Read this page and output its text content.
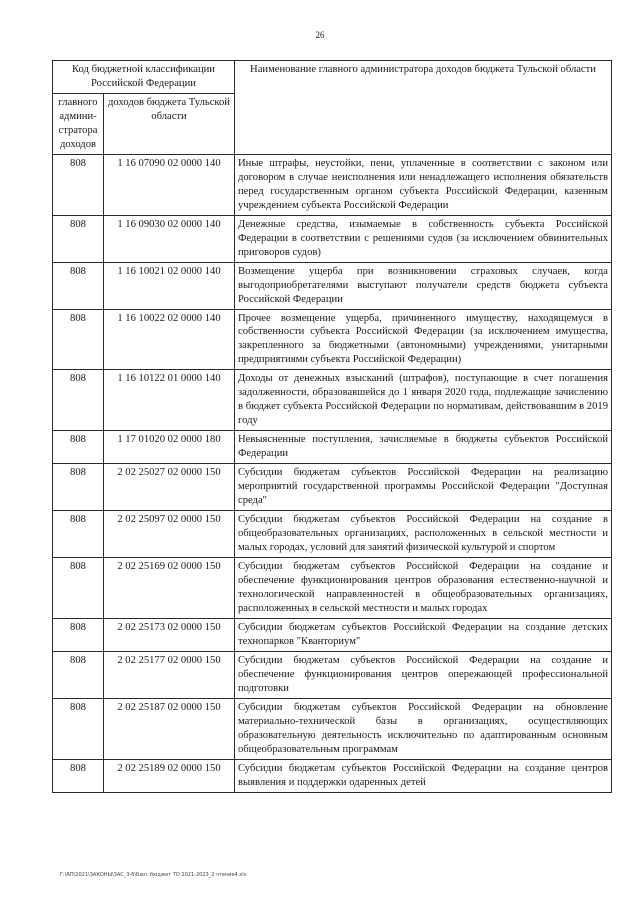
26
Код бюджетной классификации Российской Федерации		Наименование главного администратора доходов бюджета Тульской области
главного админи-стратора доходов	доходов бюджета Тульской области	
808	1 16 07090 02 0000 140	Иные штрафы, неустойки, пени, уплаченные в соответствии с законом или договором в случае неисполнения или ненадлежащего исполнения обязательств перед государственным органом субъекта Российской Федерации, казенным учреждением субъекта Российской Федерации
808	1 16 09030 02 0000 140	Денежные средства, изымаемые в собственность субъекта Российской Федерации в соответствии с решениями судов (за исключением обвинительных приговоров судов)
808	1 16 10021 02 0000 140	Возмещение ущерба при возникновении страховых случаев, когда выгодоприобретателями выступают получатели средств бюджета субъекта Российской Федерации
808	1 16 10022 02 0000 140	Прочее возмещение ущерба, причиненного имуществу, находящемуся в собственности субъекта Российской Федерации (за исключением имущества, закрепленного за бюджетными (автономными) учреждениями, унитарными предприятиями субъекта Российской Федерации)
808	1 16 10122 01 0000 140	Доходы от денежных взысканий (штрафов), поступающие в счет погашения задолженности, образовавшейся до 1 января 2020 года, подлежащие зачислению в бюджет субъекта Российской Федерации по нормативам, действовавшим в 2019 году
808	1 17 01020 02 0000 180	Невыясненные поступления, зачисляемые в бюджеты субъектов Российской Федерации
808	2 02 25027 02 0000 150	Субсидии бюджетам субъектов Российской Федерации на реализацию мероприятий государственной программы Российской Федерации "Доступная среда"
808	2 02 25097 02 0000 150	Субсидии бюджетам субъектов Российской Федерации на создание в общеобразовательных организациях, расположенных в сельской местности и малых городах, условий для занятий физической культурой и спортом
808	2 02 25169 02 0000 150	Субсидии бюджетам субъектов Российской Федерации на создание и обеспечение функционирования центров образования естественно-научной и технологической направленностей в общеобразовательных организациях, расположенных в сельской местности и малых городах
808	2 02 25173 02 0000 150	Субсидии бюджетам субъектов Российской Федерации на создание детских технопарков "Кванториум"
808	2 02 25177 02 0000 150	Субсидии бюджетам субъектов Российской Федерации на создание и обеспечение функционирования центров опережающей профессиональной подготовки
808	2 02 25187 02 0000 150	Субсидии бюджетам субъектов Российской Федерации на обновление материально-технической базы в организациях, осуществляющих образовательную деятельность исключительно по адаптированным основным общеобразовательным программам
808	2 02 25189 02 0000 150	Субсидии бюджетам субъектов Российской Федерации на создание центров выявления и поддержки одаренных детей
Г:\АП\2021\ЗАКОНЫ\ЗАС_3-б\Бюл. бюджет ТО 2021-2023_2 чтение4.xls
